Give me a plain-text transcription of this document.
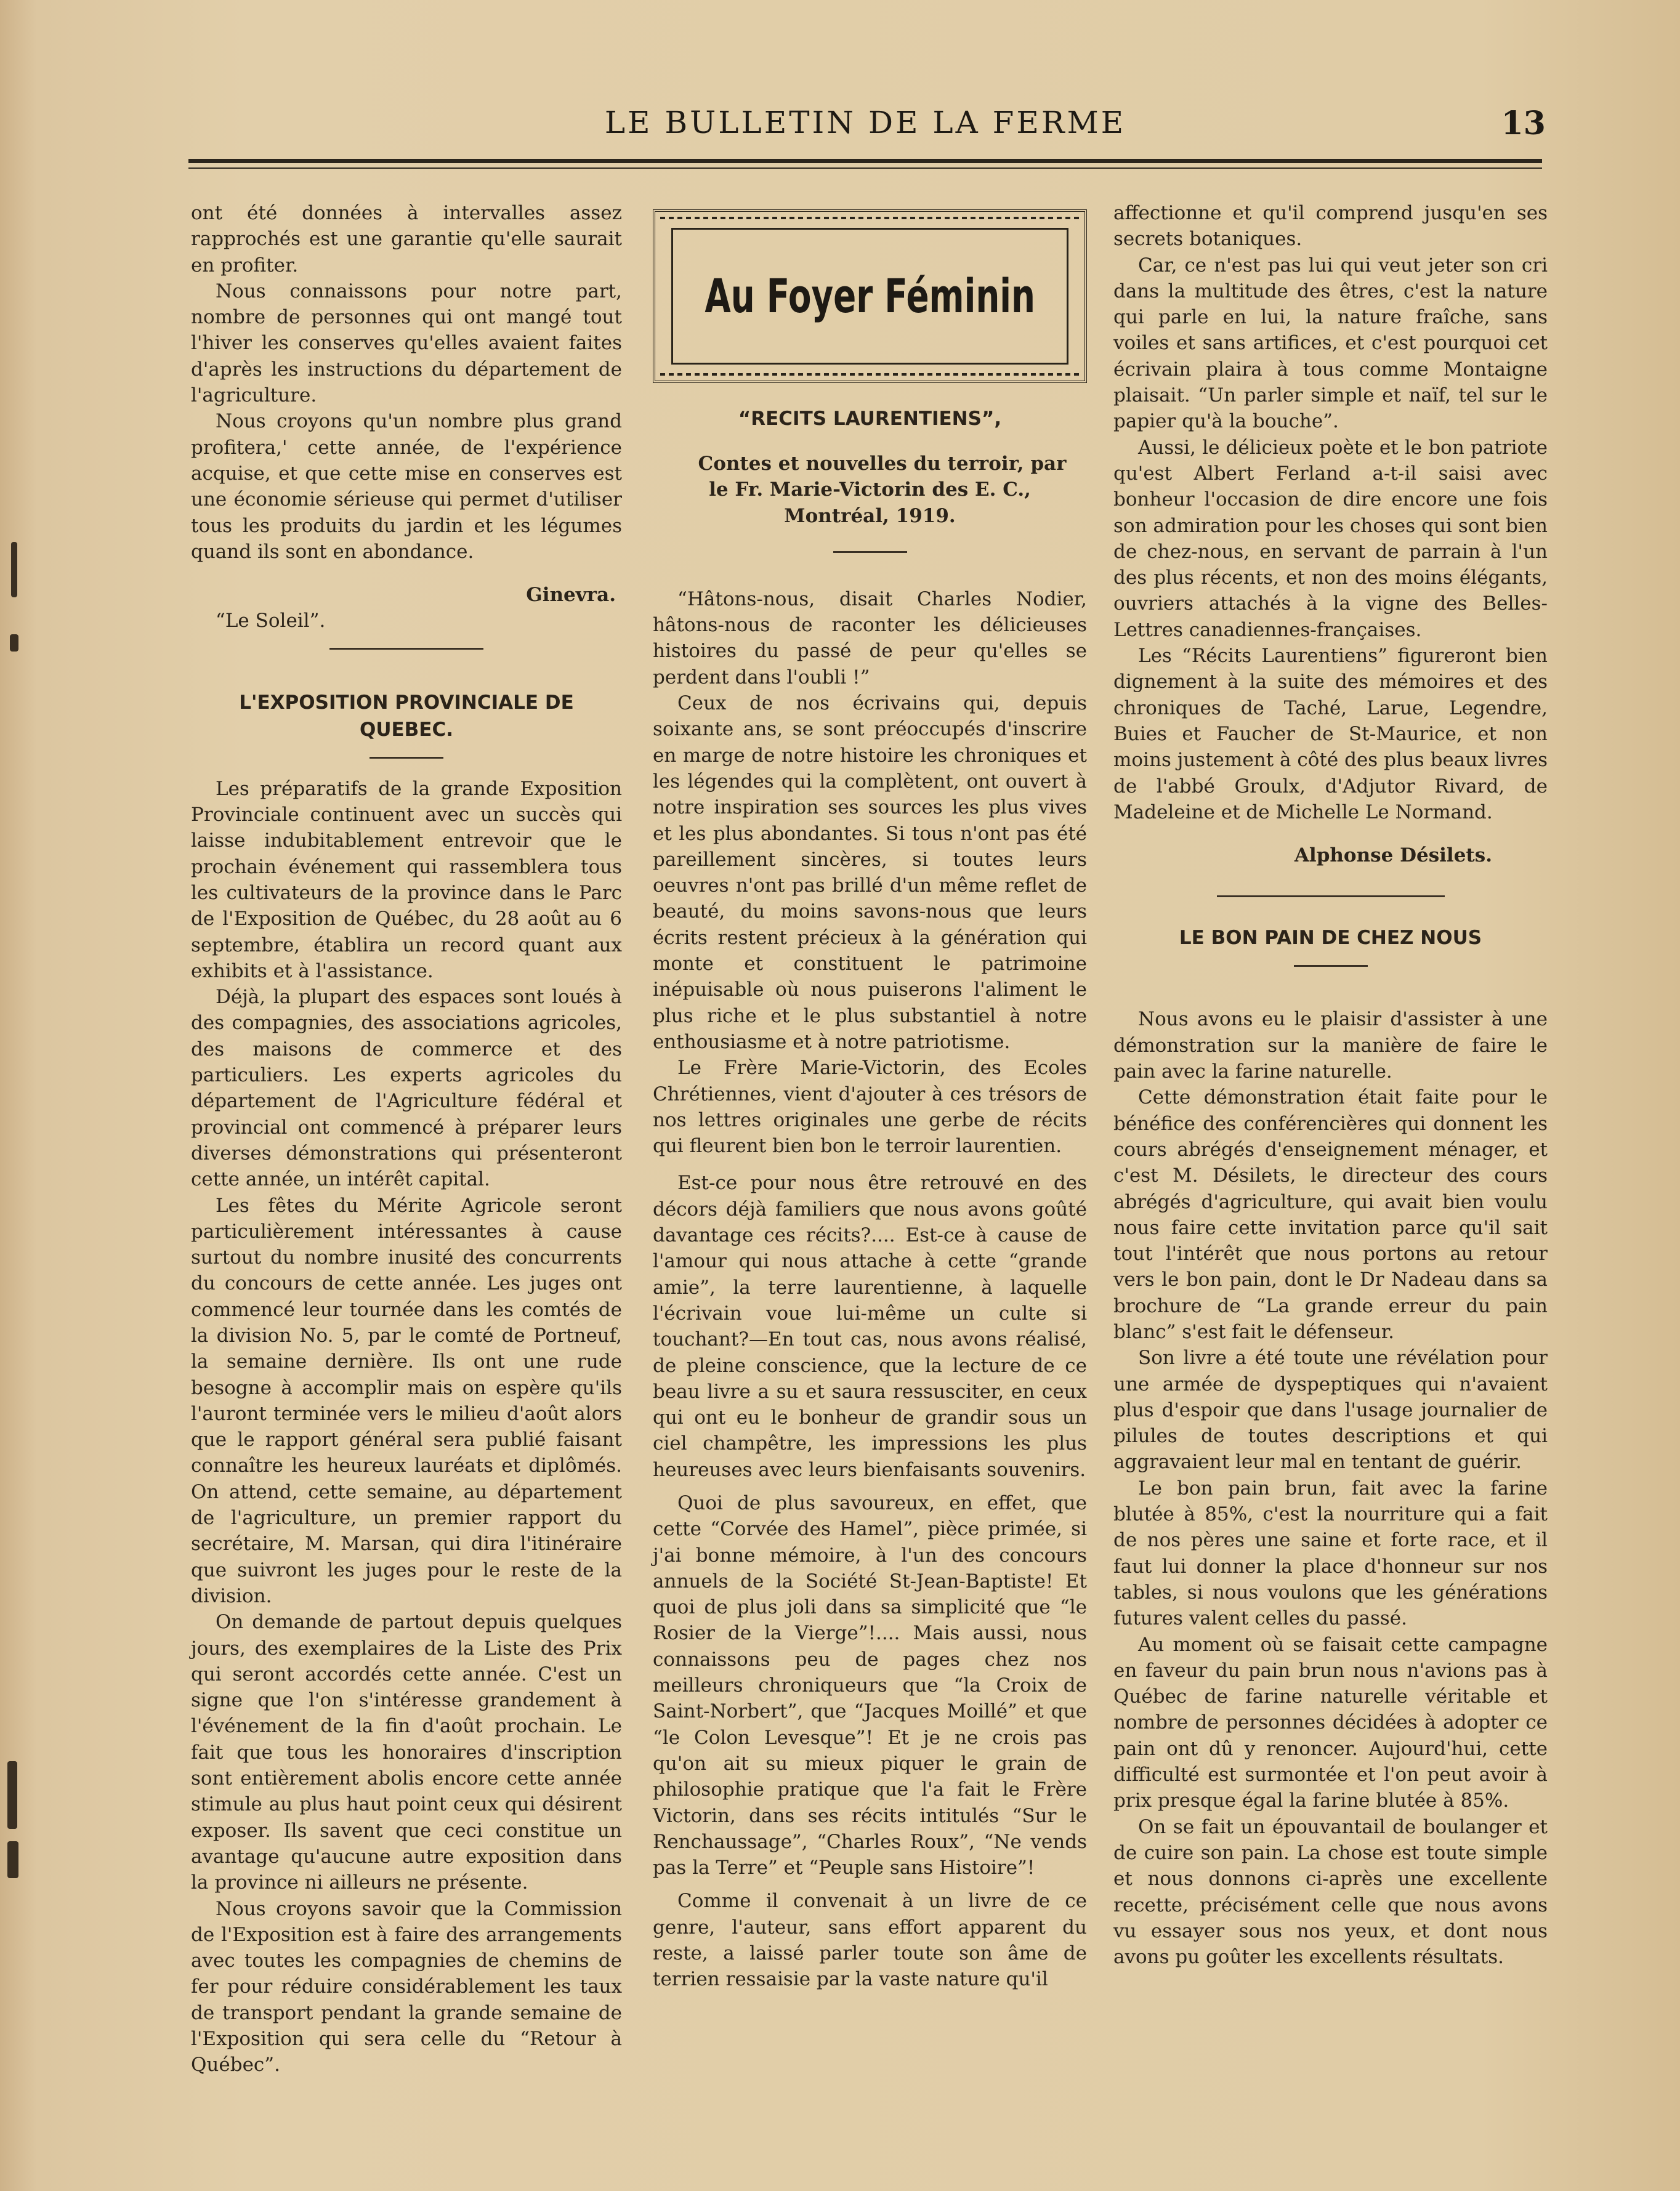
LE BULLETIN DE LA FERME	13

ont été données à intervalles assez rapprochés est une garantie qu'elle saurait en profiter.

Nous connaissons pour notre part, nombre de personnes qui ont mangé tout l'hiver les conserves qu'elles avaient faites d'après les instructions du département de l'agriculture.

Nous croyons qu'un nombre plus grand profitera,' cette année, de l'expérience acquise, et que cette mise en conserves est une économie sérieuse qui permet d'utiliser tous les produits du jardin et les légumes quand ils sont en abondance.

Ginevra.

“Le Soleil”.

L'EXPOSITION PROVINCIALE DE QUEBEC.

Les préparatifs de la grande Exposition Provinciale continuent avec un succès qui laisse indubitablement entrevoir que le prochain événement qui rassemblera tous les cultivateurs de la province dans le Parc de l'Exposition de Québec, du 28 août au 6 septembre, établira un record quant aux exhibits et à l'assistance.

Déjà, la plupart des espaces sont loués à des compagnies, des associations agricoles, des maisons de commerce et des particuliers. Les experts agricoles du département de l'Agriculture fédéral et provincial ont commencé à préparer leurs diverses démonstrations qui présenteront cette année, un intérêt capital.

Les fêtes du Mérite Agricole seront particulièrement intéressantes à cause surtout du nombre inusité des concurrents du concours de cette année. Les juges ont commencé leur tournée dans les comtés de la division No. 5, par le comté de Portneuf, la semaine dernière. Ils ont une rude besogne à accomplir mais on espère qu'ils l'auront terminée vers le milieu d'août alors que le rapport général sera publié faisant connaître les heureux lauréats et diplômés. On attend, cette semaine, au département de l'agriculture, un premier rapport du secrétaire, M. Marsan, qui dira l'itinéraire que suivront les juges pour le reste de la division.

On demande de partout depuis quelques jours, des exemplaires de la Liste des Prix qui seront accordés cette année. C'est un signe que l'on s'intéresse grandement à l'événement de la fin d'août prochain. Le fait que tous les honoraires d'inscription sont entièrement abolis encore cette année stimule au plus haut point ceux qui désirent exposer. Ils savent que ceci constitue un avantage qu'aucune autre exposition dans la province ni ailleurs ne présente.

Nous croyons savoir que la Commission de l'Exposition est à faire des arrangements avec toutes les compagnies de chemins de fer pour réduire considérablement les taux de transport pendant la grande semaine de l'Exposition qui sera celle du “Retour à Québec”.

Au Foyer Féminin
“RECITS LAURENTIENS”,

Contes et nouvelles du terroir, par le Fr. Marie-Victorin des E. C., Montréal, 1919.

“Hâtons-nous, disait Charles Nodier, hâtons-nous de raconter les délicieuses histoires du passé de peur qu'elles se perdent dans l'oubli !”

Ceux de nos écrivains qui, depuis soixante ans, se sont préoccupés d'inscrire en marge de notre histoire les chroniques et les légendes qui la complètent, ont ouvert à notre inspiration ses sources les plus vives et les plus abondantes. Si tous n'ont pas été pareillement sincères, si toutes leurs oeuvres n'ont pas brillé d'un même reflet de beauté, du moins savons-nous que leurs écrits restent précieux à la génération qui monte et constituent le patrimoine inépuisable où nous puiserons l'aliment le plus riche et le plus substantiel à notre enthousiasme et à notre patriotisme.

Le Frère Marie-Victorin, des Ecoles Chrétiennes, vient d'ajouter à ces trésors de nos lettres originales une gerbe de récits qui fleurent bien bon le terroir laurentien.

Est-ce pour nous être retrouvé en des décors déjà familiers que nous avons goûté davantage ces récits?.... Est-ce à cause de l'amour qui nous attache à cette “grande amie”, la terre laurentienne, à laquelle l'écrivain voue lui-même un culte si touchant?—En tout cas, nous avons réalisé, de pleine conscience, que la lecture de ce beau livre a su et saura ressusciter, en ceux qui ont eu le bonheur de grandir sous un ciel champêtre, les impressions les plus heureuses avec leurs bienfaisants souvenirs.

Quoi de plus savoureux, en effet, que cette “Corvée des Hamel”, pièce primée, si j'ai bonne mémoire, à l'un des concours annuels de la Société St-Jean-Baptiste! Et quoi de plus joli dans sa simplicité que “le Rosier de la Vierge”!.... Mais aussi, nous connaissons peu de pages chez nos meilleurs chroniqueurs que “la Croix de Saint-Norbert”, que “Jacques Moillé” et que “le Colon Levesque”! Et je ne crois pas qu'on ait su mieux piquer le grain de philosophie pratique que l'a fait le Frère Victorin, dans ses récits intitulés “Sur le Renchaussage”, “Charles Roux”, “Ne vends pas la Terre” et “Peuple sans Histoire”!

Comme il convenait à un livre de ce genre, l'auteur, sans effort apparent du reste, a laissé parler toute son âme de terrien ressaisie par la vaste nature qu'il

affectionne et qu'il comprend jusqu'en ses secrets botaniques.

Car, ce n'est pas lui qui veut jeter son cri dans la multitude des êtres, c'est la nature qui parle en lui, la nature fraîche, sans voiles et sans artifices, et c'est pourquoi cet écrivain plaira à tous comme Montaigne plaisait. “Un parler simple et naïf, tel sur le papier qu'à la bouche”.

Aussi, le délicieux poète et le bon patriote qu'est Albert Ferland a-t-il saisi avec bonheur l'occasion de dire encore une fois son admiration pour les choses qui sont bien de chez-nous, en servant de parrain à l'un des plus récents, et non des moins élégants, ouvriers attachés à la vigne des Belles-Lettres canadiennes-françaises.

Les “Récits Laurentiens” figureront bien dignement à la suite des mémoires et des chroniques de Taché, Larue, Legendre, Buies et Faucher de St-Maurice, et non moins justement à côté des plus beaux livres de l'abbé Groulx, d'Adjutor Rivard, de Madeleine et de Michelle Le Normand.

Alphonse Désilets.
LE BON PAIN DE CHEZ NOUS

Nous avons eu le plaisir d'assister à une démonstration sur la manière de faire le pain avec la farine naturelle.

Cette démonstration était faite pour le bénéfice des conférencières qui donnent les cours abrégés d'enseignement ménager, et c'est M. Désilets, le directeur des cours abrégés d'agriculture, qui avait bien voulu nous faire cette invitation parce qu'il sait tout l'intérêt que nous portons au retour vers le bon pain, dont le Dr Nadeau dans sa brochure de “La grande erreur du pain blanc” s'est fait le défenseur.

Son livre a été toute une révélation pour une armée de dyspeptiques qui n'avaient plus d'espoir que dans l'usage journalier de pilules de toutes descriptions et qui aggravaient leur mal en tentant de guérir.

Le bon pain brun, fait avec la farine blutée à 85%, c'est la nourriture qui a fait de nos pères une saine et forte race, et il faut lui donner la place d'honneur sur nos tables, si nous voulons que les générations futures valent celles du passé.

Au moment où se faisait cette campagne en faveur du pain brun nous n'avions pas à Québec de farine naturelle véritable et nombre de personnes décidées à adopter ce pain ont dû y renoncer. Aujourd'hui, cette difficulté est surmontée et l'on peut avoir à prix presque égal la farine blutée à 85%.

On se fait un épouvantail de boulanger et de cuire son pain. La chose est toute simple et nous donnons ci-après une excellente recette, précisément celle que nous avons vu essayer sous nos yeux, et dont nous avons pu goûter les excellents résultats.
